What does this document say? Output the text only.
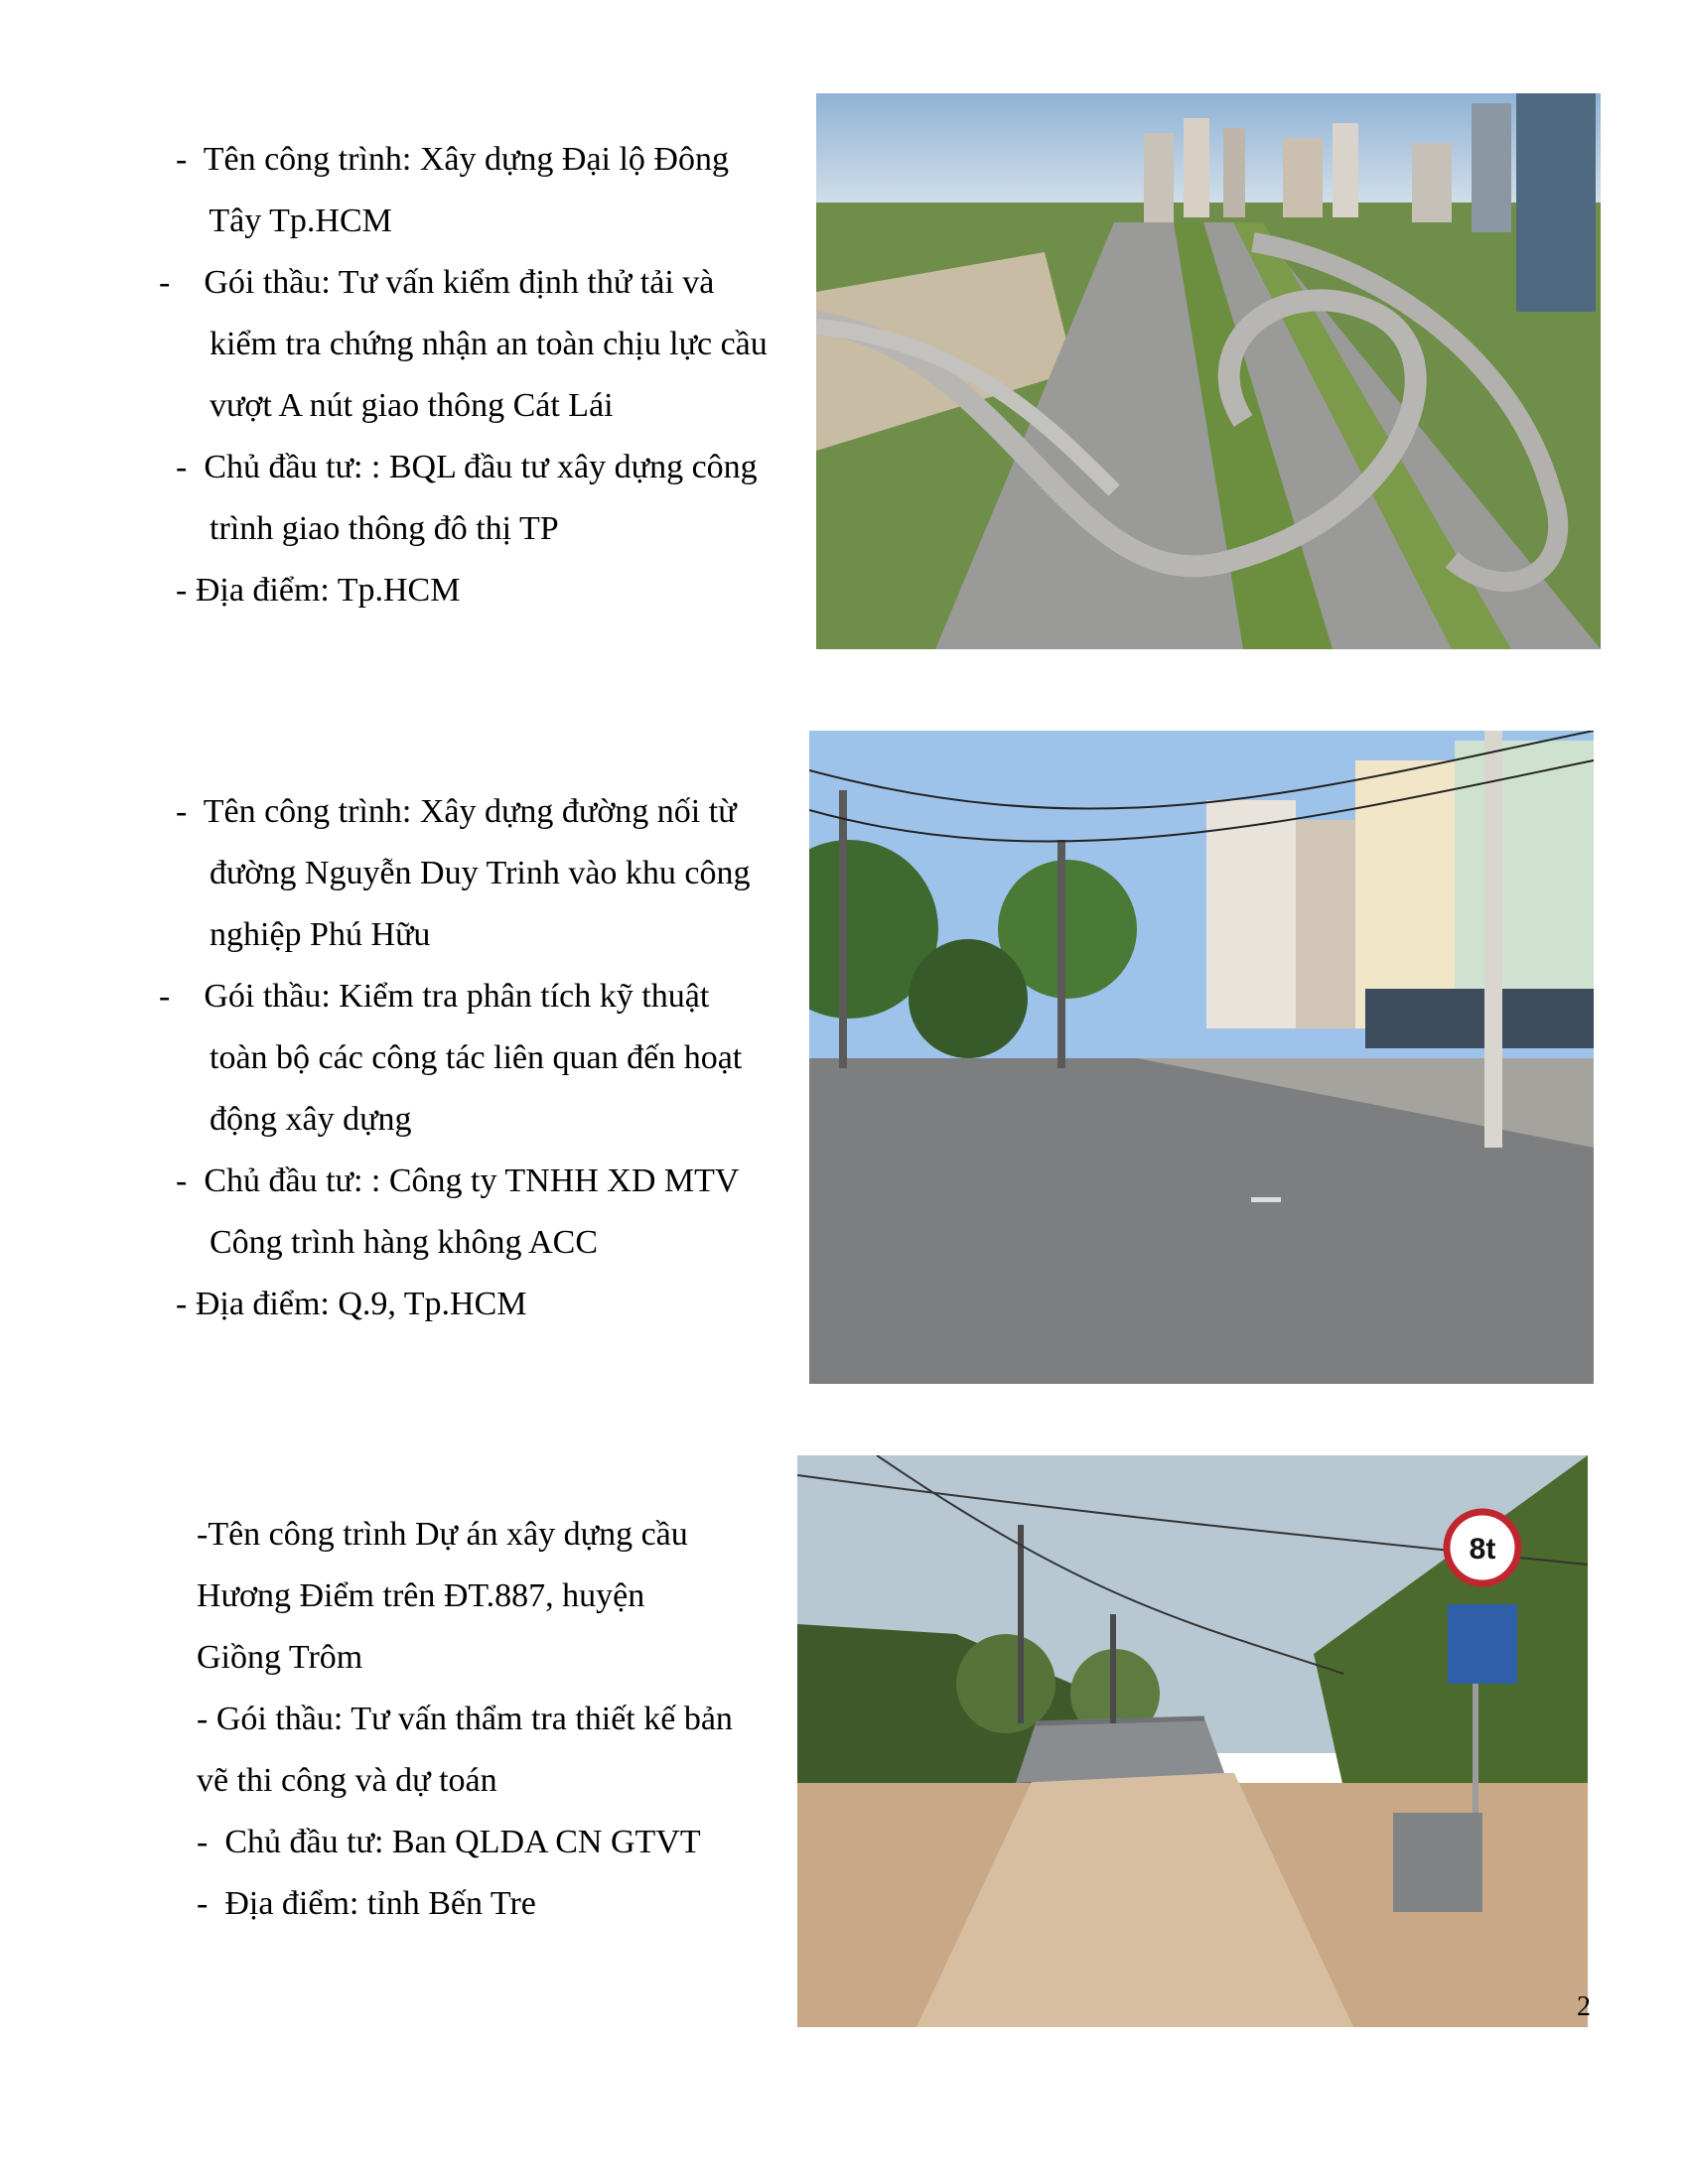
-  Tên công trình: Xây dựng Đại lộ Đông

Tây Tp.HCM

-    Gói thầu: Tư vấn kiểm định thử tải và

kiểm tra chứng nhận an toàn chịu lực cầu

vượt A nút giao thông Cát Lái

-  Chủ đầu tư: : BQL đầu tư xây dựng công

trình giao thông đô thị TP

- Địa điểm: Tp.HCM

-  Tên công trình: Xây dựng đường nối từ

đường Nguyễn Duy Trinh vào khu công

nghiệp Phú Hữu

-    Gói thầu: Kiểm tra phân tích kỹ thuật

toàn bộ các công tác liên quan đến hoạt

động xây dựng

-  Chủ đầu tư: : Công ty TNHH XD MTV

Công trình hàng không ACC

- Địa điểm: Q.9, Tp.HCM

-Tên công trình Dự án xây dựng cầu

Hương Điểm trên ĐT.887, huyện

Giồng Trôm

- Gói thầu: Tư vấn thẩm tra thiết kế bản

vẽ thi công và dự toán

-  Chủ đầu tư: Ban QLDA CN GTVT

-  Địa điểm: tỉnh Bến Tre

8t
2
